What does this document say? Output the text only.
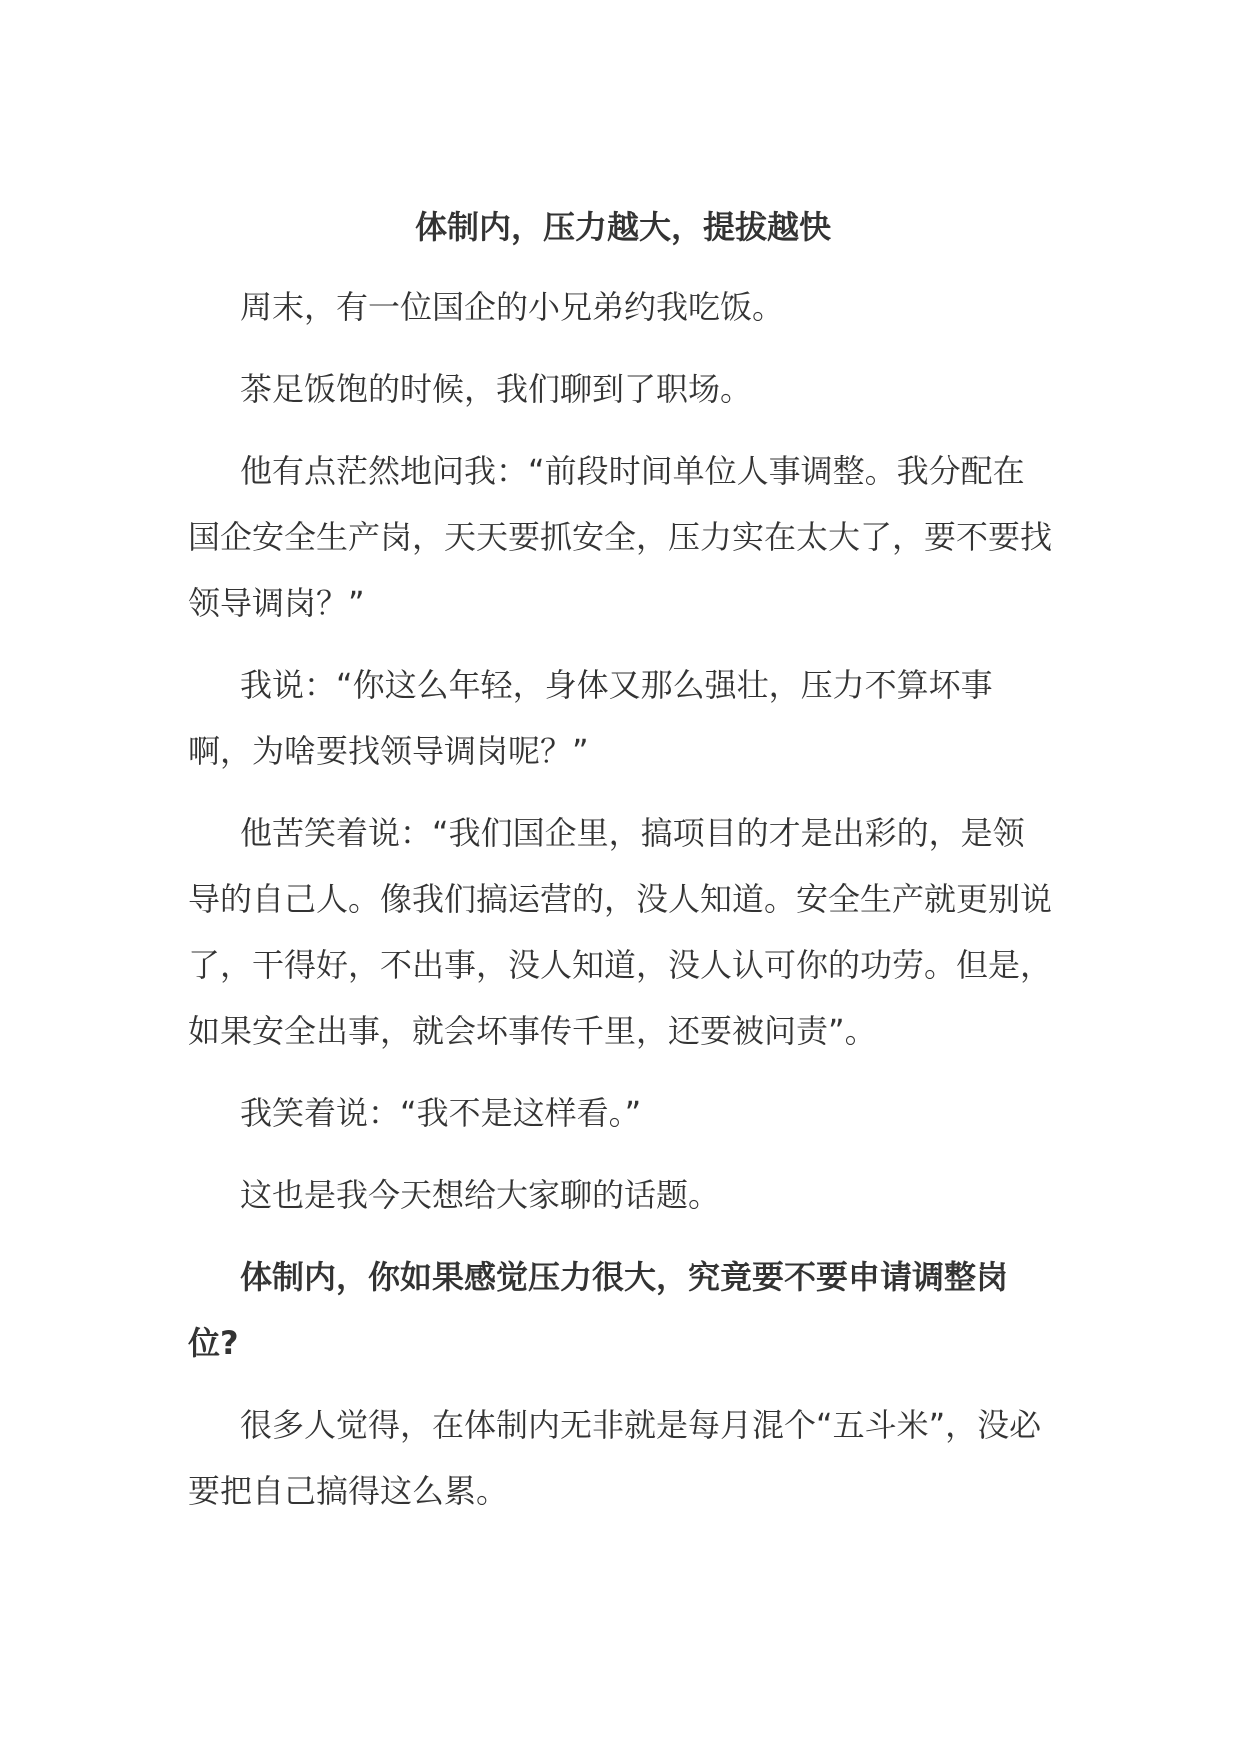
体制内，压力越大，提拔越快

周末，有一位国企的小兄弟约我吃饭。

茶足饭饱的时候，我们聊到了职场。

他有点茫然地问我：“前段时间单位人事调整。我分配在国企安全生产岗，天天要抓安全，压力实在太大了，要不要找领导调岗？”

我说：“你这么年轻，身体又那么强壮，压力不算坏事啊，为啥要找领导调岗呢？”

他苦笑着说：“我们国企里，搞项目的才是出彩的，是领导的自己人。像我们搞运营的，没人知道。安全生产就更别说了，干得好，不出事，没人知道，没人认可你的功劳。但是，如果安全出事，就会坏事传千里，还要被问责”。

我笑着说：“我不是这样看。”

这也是我今天想给大家聊的话题。

体制内，你如果感觉压力很大，究竟要不要申请调整岗位?

很多人觉得，在体制内无非就是每月混个“五斗米”，没必要把自己搞得这么累。
